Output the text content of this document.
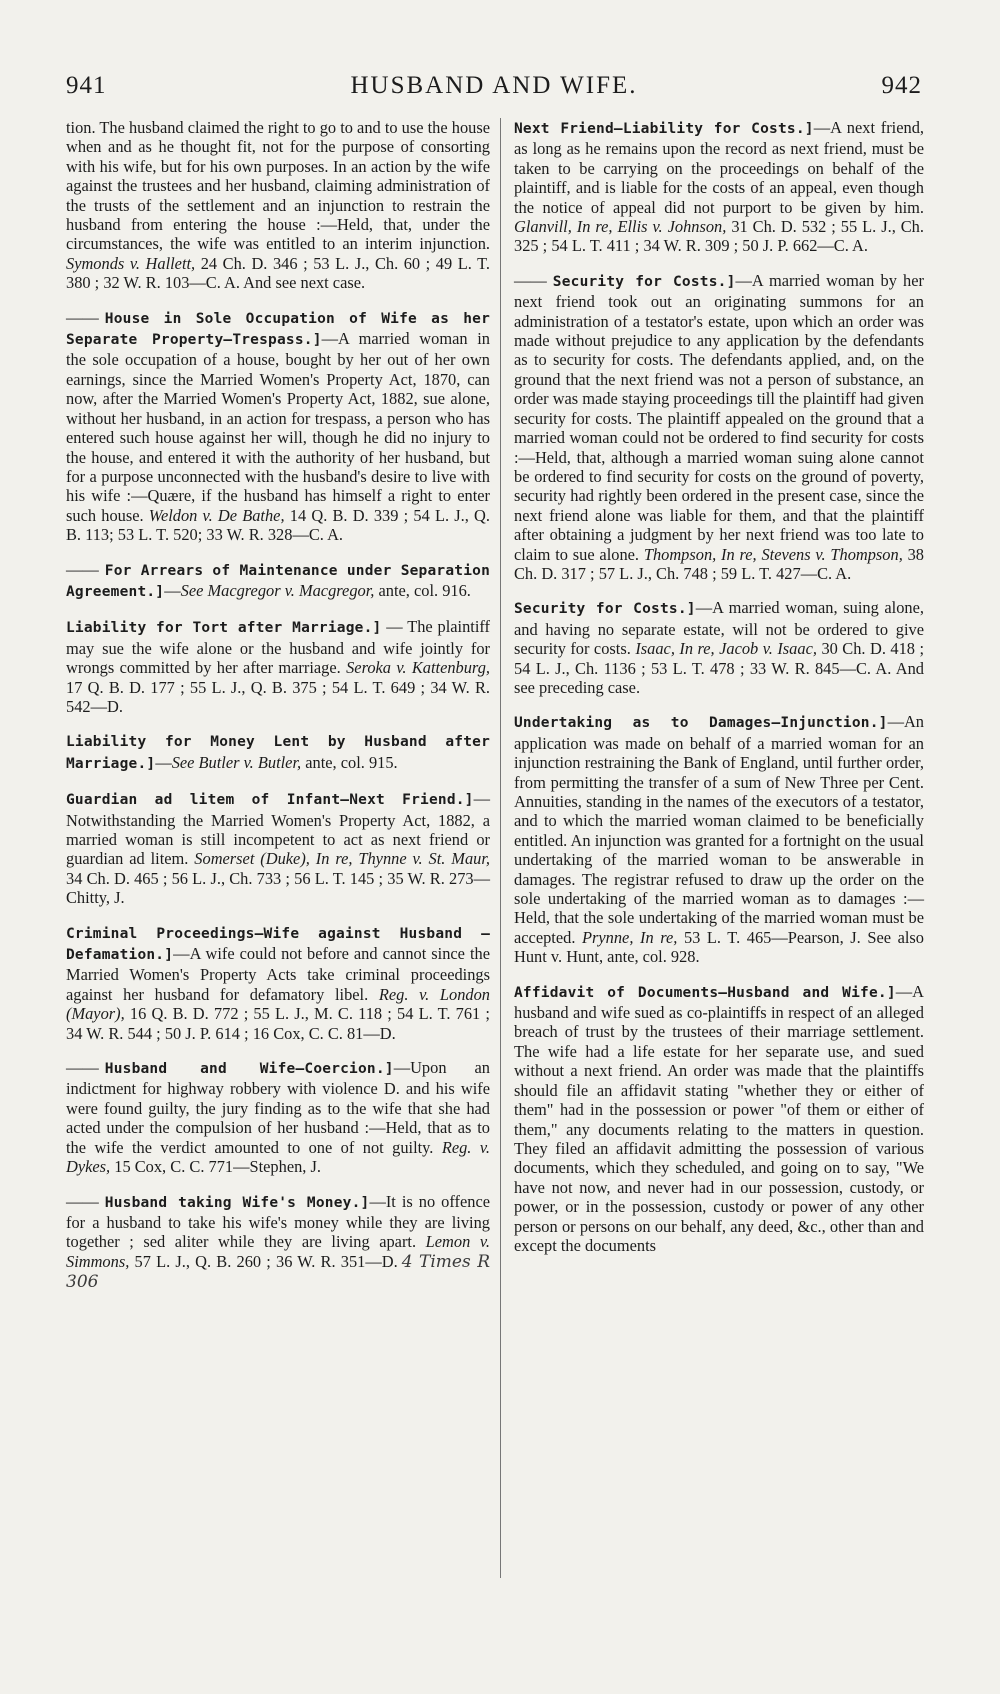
941	HUSBAND AND WIFE.	942

tion. The husband claimed the right to go to and to use the house when and as he thought fit, not for the purpose of consorting with his wife, but for his own purposes. In an action by the wife against the trustees and her husband, claiming administration of the trusts of the settlement and an injunction to restrain the husband from entering the house :—Held, that, under the circumstances, the wife was entitled to an interim injunction. Symonds v. Hallett, 24 Ch. D. 346 ; 53 L. J., Ch. 60 ; 49 L. T. 380 ; 32 W. R. 103—C. A. And see next case.

—— House in Sole Occupation of Wife as her Separate Property—Trespass.]—A married woman in the sole occupation of a house, bought by her out of her own earnings, since the Married Women's Property Act, 1870, can now, after the Married Women's Property Act, 1882, sue alone, without her husband, in an action for trespass, a person who has entered such house against her will, though he did no injury to the house, and entered it with the authority of her husband, but for a purpose unconnected with the husband's desire to live with his wife :—Quære, if the husband has himself a right to enter such house. Weldon v. De Bathe, 14 Q. B. D. 339 ; 54 L. J., Q. B. 113; 53 L. T. 520; 33 W. R. 328—C. A.

—— For Arrears of Maintenance under Separation Agreement.]—See Macgregor v. Macgregor, ante, col. 916.

Liability for Tort after Marriage.] — The plaintiff may sue the wife alone or the husband and wife jointly for wrongs committed by her after marriage. Seroka v. Kattenburg, 17 Q. B. D. 177 ; 55 L. J., Q. B. 375 ; 54 L. T. 649 ; 34 W. R. 542—D.

Liability for Money Lent by Husband after Marriage.]—See Butler v. Butler, ante, col. 915.

Guardian ad litem of Infant—Next Friend.]—Notwithstanding the Married Women's Property Act, 1882, a married woman is still incompetent to act as next friend or guardian ad litem. Somerset (Duke), In re, Thynne v. St. Maur, 34 Ch. D. 465 ; 56 L. J., Ch. 733 ; 56 L. T. 145 ; 35 W. R. 273—Chitty, J.

Criminal Proceedings—Wife against Husband —Defamation.]—A wife could not before and cannot since the Married Women's Property Acts take criminal proceedings against her husband for defamatory libel. Reg. v. London (Mayor), 16 Q. B. D. 772 ; 55 L. J., M. C. 118 ; 54 L. T. 761 ; 34 W. R. 544 ; 50 J. P. 614 ; 16 Cox, C. C. 81—D.

—— Husband and Wife—Coercion.]—Upon an indictment for highway robbery with violence D. and his wife were found guilty, the jury finding as to the wife that she had acted under the compulsion of her husband :—Held, that as to the wife the verdict amounted to one of not guilty. Reg. v. Dykes, 15 Cox, C. C. 771—Stephen, J.

—— Husband taking Wife's Money.]—It is no offence for a husband to take his wife's money while they are living together ; sed aliter while they are living apart. Lemon v. Simmons, 57 L. J., Q. B. 260 ; 36 W. R. 351—D. 4 Times R 306

Next Friend—Liability for Costs.]—A next friend, as long as he remains upon the record as next friend, must be taken to be carrying on the proceedings on behalf of the plaintiff, and is liable for the costs of an appeal, even though the notice of appeal did not purport to be given by him. Glanvill, In re, Ellis v. Johnson, 31 Ch. D. 532 ; 55 L. J., Ch. 325 ; 54 L. T. 411 ; 34 W. R. 309 ; 50 J. P. 662—C. A.

—— Security for Costs.]—A married woman by her next friend took out an originating summons for an administration of a testator's estate, upon which an order was made without prejudice to any application by the defendants as to security for costs. The defendants applied, and, on the ground that the next friend was not a person of substance, an order was made staying proceedings till the plaintiff had given security for costs. The plaintiff appealed on the ground that a married woman could not be ordered to find security for costs :—Held, that, although a married woman suing alone cannot be ordered to find security for costs on the ground of poverty, security had rightly been ordered in the present case, since the next friend alone was liable for them, and that the plaintiff after obtaining a judgment by her next friend was too late to claim to sue alone. Thompson, In re, Stevens v. Thompson, 38 Ch. D. 317 ; 57 L. J., Ch. 748 ; 59 L. T. 427—C. A.

Security for Costs.]—A married woman, suing alone, and having no separate estate, will not be ordered to give security for costs. Isaac, In re, Jacob v. Isaac, 30 Ch. D. 418 ; 54 L. J., Ch. 1136 ; 53 L. T. 478 ; 33 W. R. 845—C. A. And see preceding case.

Undertaking as to Damages—Injunction.]—An application was made on behalf of a married woman for an injunction restraining the Bank of England, until further order, from permitting the transfer of a sum of New Three per Cent. Annuities, standing in the names of the executors of a testator, and to which the married woman claimed to be beneficially entitled. An injunction was granted for a fortnight on the usual undertaking of the married woman to be answerable in damages. The registrar refused to draw up the order on the sole undertaking of the married woman as to damages :—Held, that the sole undertaking of the married woman must be accepted. Prynne, In re, 53 L. T. 465—Pearson, J. See also Hunt v. Hunt, ante, col. 928.

Affidavit of Documents—Husband and Wife.]—A husband and wife sued as co-plaintiffs in respect of an alleged breach of trust by the trustees of their marriage settlement. The wife had a life estate for her separate use, and sued without a next friend. An order was made that the plaintiffs should file an affidavit stating "whether they or either of them" had in the possession or power "of them or either of them," any documents relating to the matters in question. They filed an affidavit admitting the possession of various documents, which they scheduled, and going on to say, "We have not now, and never had in our possession, custody, or power, or in the possession, custody or power of any other person or persons on our behalf, any deed, &c., other than and except the documents
